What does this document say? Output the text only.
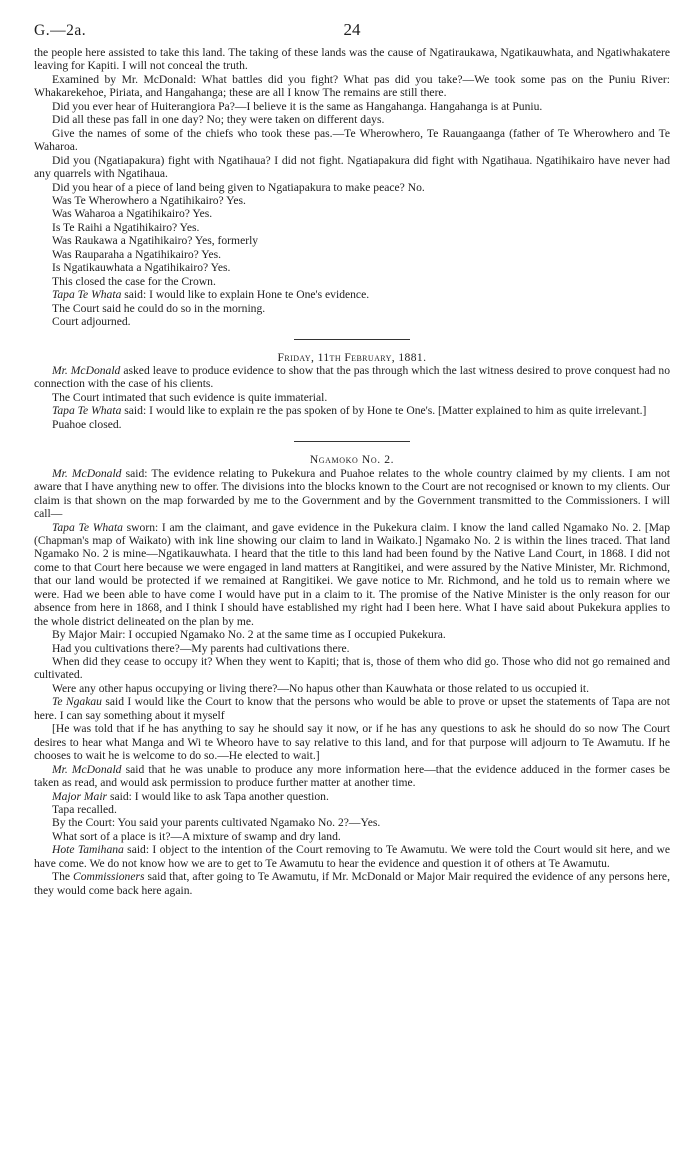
G.—2a.	24

the people here assisted to take this land. The taking of these lands was the cause of Ngatiraukawa, Ngatikauwhata, and Ngatiwhakatere leaving for Kapiti. I will not conceal the truth.

Examined by Mr. McDonald: What battles did you fight? What pas did you take?—We took some pas on the Puniu River: Whakarekehoe, Piriata, and Hangahanga; these are all I know The remains are still there.

Did you ever hear of Huiterangiora Pa?—I believe it is the same as Hangahanga. Hangahanga is at Puniu.

Did all these pas fall in one day? No; they were taken on different days.

Give the names of some of the chiefs who took these pas.—Te Wherowhero, Te Rauangaanga (father of Te Wherowhero and Te Waharoa.

Did you (Ngatiapakura) fight with Ngatihaua? I did not fight. Ngatiapakura did fight with Ngatihaua. Ngatihikairo have never had any quarrels with Ngatihaua.

Did you hear of a piece of land being given to Ngatiapakura to make peace? No.

Was Te Wherowhero a Ngatihikairo? Yes.

Was Waharoa a Ngatihikairo? Yes.

Is Te Raihi a Ngatihikairo? Yes.

Was Raukawa a Ngatihikairo? Yes, formerly

Was Rauparaha a Ngatihikairo? Yes.

Is Ngatikauwhata a Ngatihikairo? Yes.

This closed the case for the Crown.

Tapa Te Whata said: I would like to explain Hone te One's evidence.

The Court said he could do so in the morning.

Court adjourned.

Friday, 11th February, 1881.

Mr. McDonald asked leave to produce evidence to show that the pas through which the last witness desired to prove conquest had no connection with the case of his clients.

The Court intimated that such evidence is quite immaterial.

Tapa Te Whata said: I would like to explain re the pas spoken of by Hone te One's. [Matter explained to him as quite irrelevant.]

Puahoe closed.

Ngamoko No. 2.

Mr. McDonald said: The evidence relating to Pukekura and Puahoe relates to the whole country claimed by my clients. I am not aware that I have anything new to offer. The divisions into the blocks known to the Court are not recognised or known to my clients. Our claim is that shown on the map forwarded by me to the Government and by the Government transmitted to the Commissioners. I will call—

Tapa Te Whata sworn: I am the claimant, and gave evidence in the Pukekura claim. I know the land called Ngamako No. 2. [Map (Chapman's map of Waikato) with ink line showing our claim to land in Waikato.] Ngamako No. 2 is within the lines traced. That land Ngamako No. 2 is mine—Ngatikauwhata. I heard that the title to this land had been found by the Native Land Court, in 1868. I did not come to that Court here because we were engaged in land matters at Rangitikei, and were assured by the Native Minister, Mr. Richmond, that our land would be protected if we remained at Rangitikei. We gave notice to Mr. Richmond, and he told us to remain where we were. Had we been able to have come I would have put in a claim to it. The promise of the Native Minister is the only reason for our absence from here in 1868, and I think I should have established my right had I been here. What I have said about Pukekura applies to the whole district delineated on the plan by me.

By Major Mair: I occupied Ngamako No. 2 at the same time as I occupied Pukekura.

Had you cultivations there?—My parents had cultivations there.

When did they cease to occupy it? When they went to Kapiti; that is, those of them who did go. Those who did not go remained and cultivated.

Were any other hapus occupying or living there?—No hapus other than Kauwhata or those related to us occupied it.

Te Ngakau said I would like the Court to know that the persons who would be able to prove or upset the statements of Tapa are not here. I can say something about it myself

[He was told that if he has anything to say he should say it now, or if he has any questions to ask he should do so now The Court desires to hear what Manga and Wi te Wheoro have to say relative to this land, and for that purpose will adjourn to Te Awamutu. If he chooses to wait he is welcome to do so.—He elected to wait.]

Mr. McDonald said that he was unable to produce any more information here—that the evidence adduced in the former cases be taken as read, and would ask permission to produce further matter at another time.

Major Mair said: I would like to ask Tapa another question.

Tapa recalled.

By the Court: You said your parents cultivated Ngamako No. 2?—Yes.

What sort of a place is it?—A mixture of swamp and dry land.

Hote Tamihana said: I object to the intention of the Court removing to Te Awamutu. We were told the Court would sit here, and we have come. We do not know how we are to get to Te Awamutu to hear the evidence and question it of others at Te Awamutu.

The Commissioners said that, after going to Te Awamutu, if Mr. McDonald or Major Mair required the evidence of any persons here, they would come back here again.
